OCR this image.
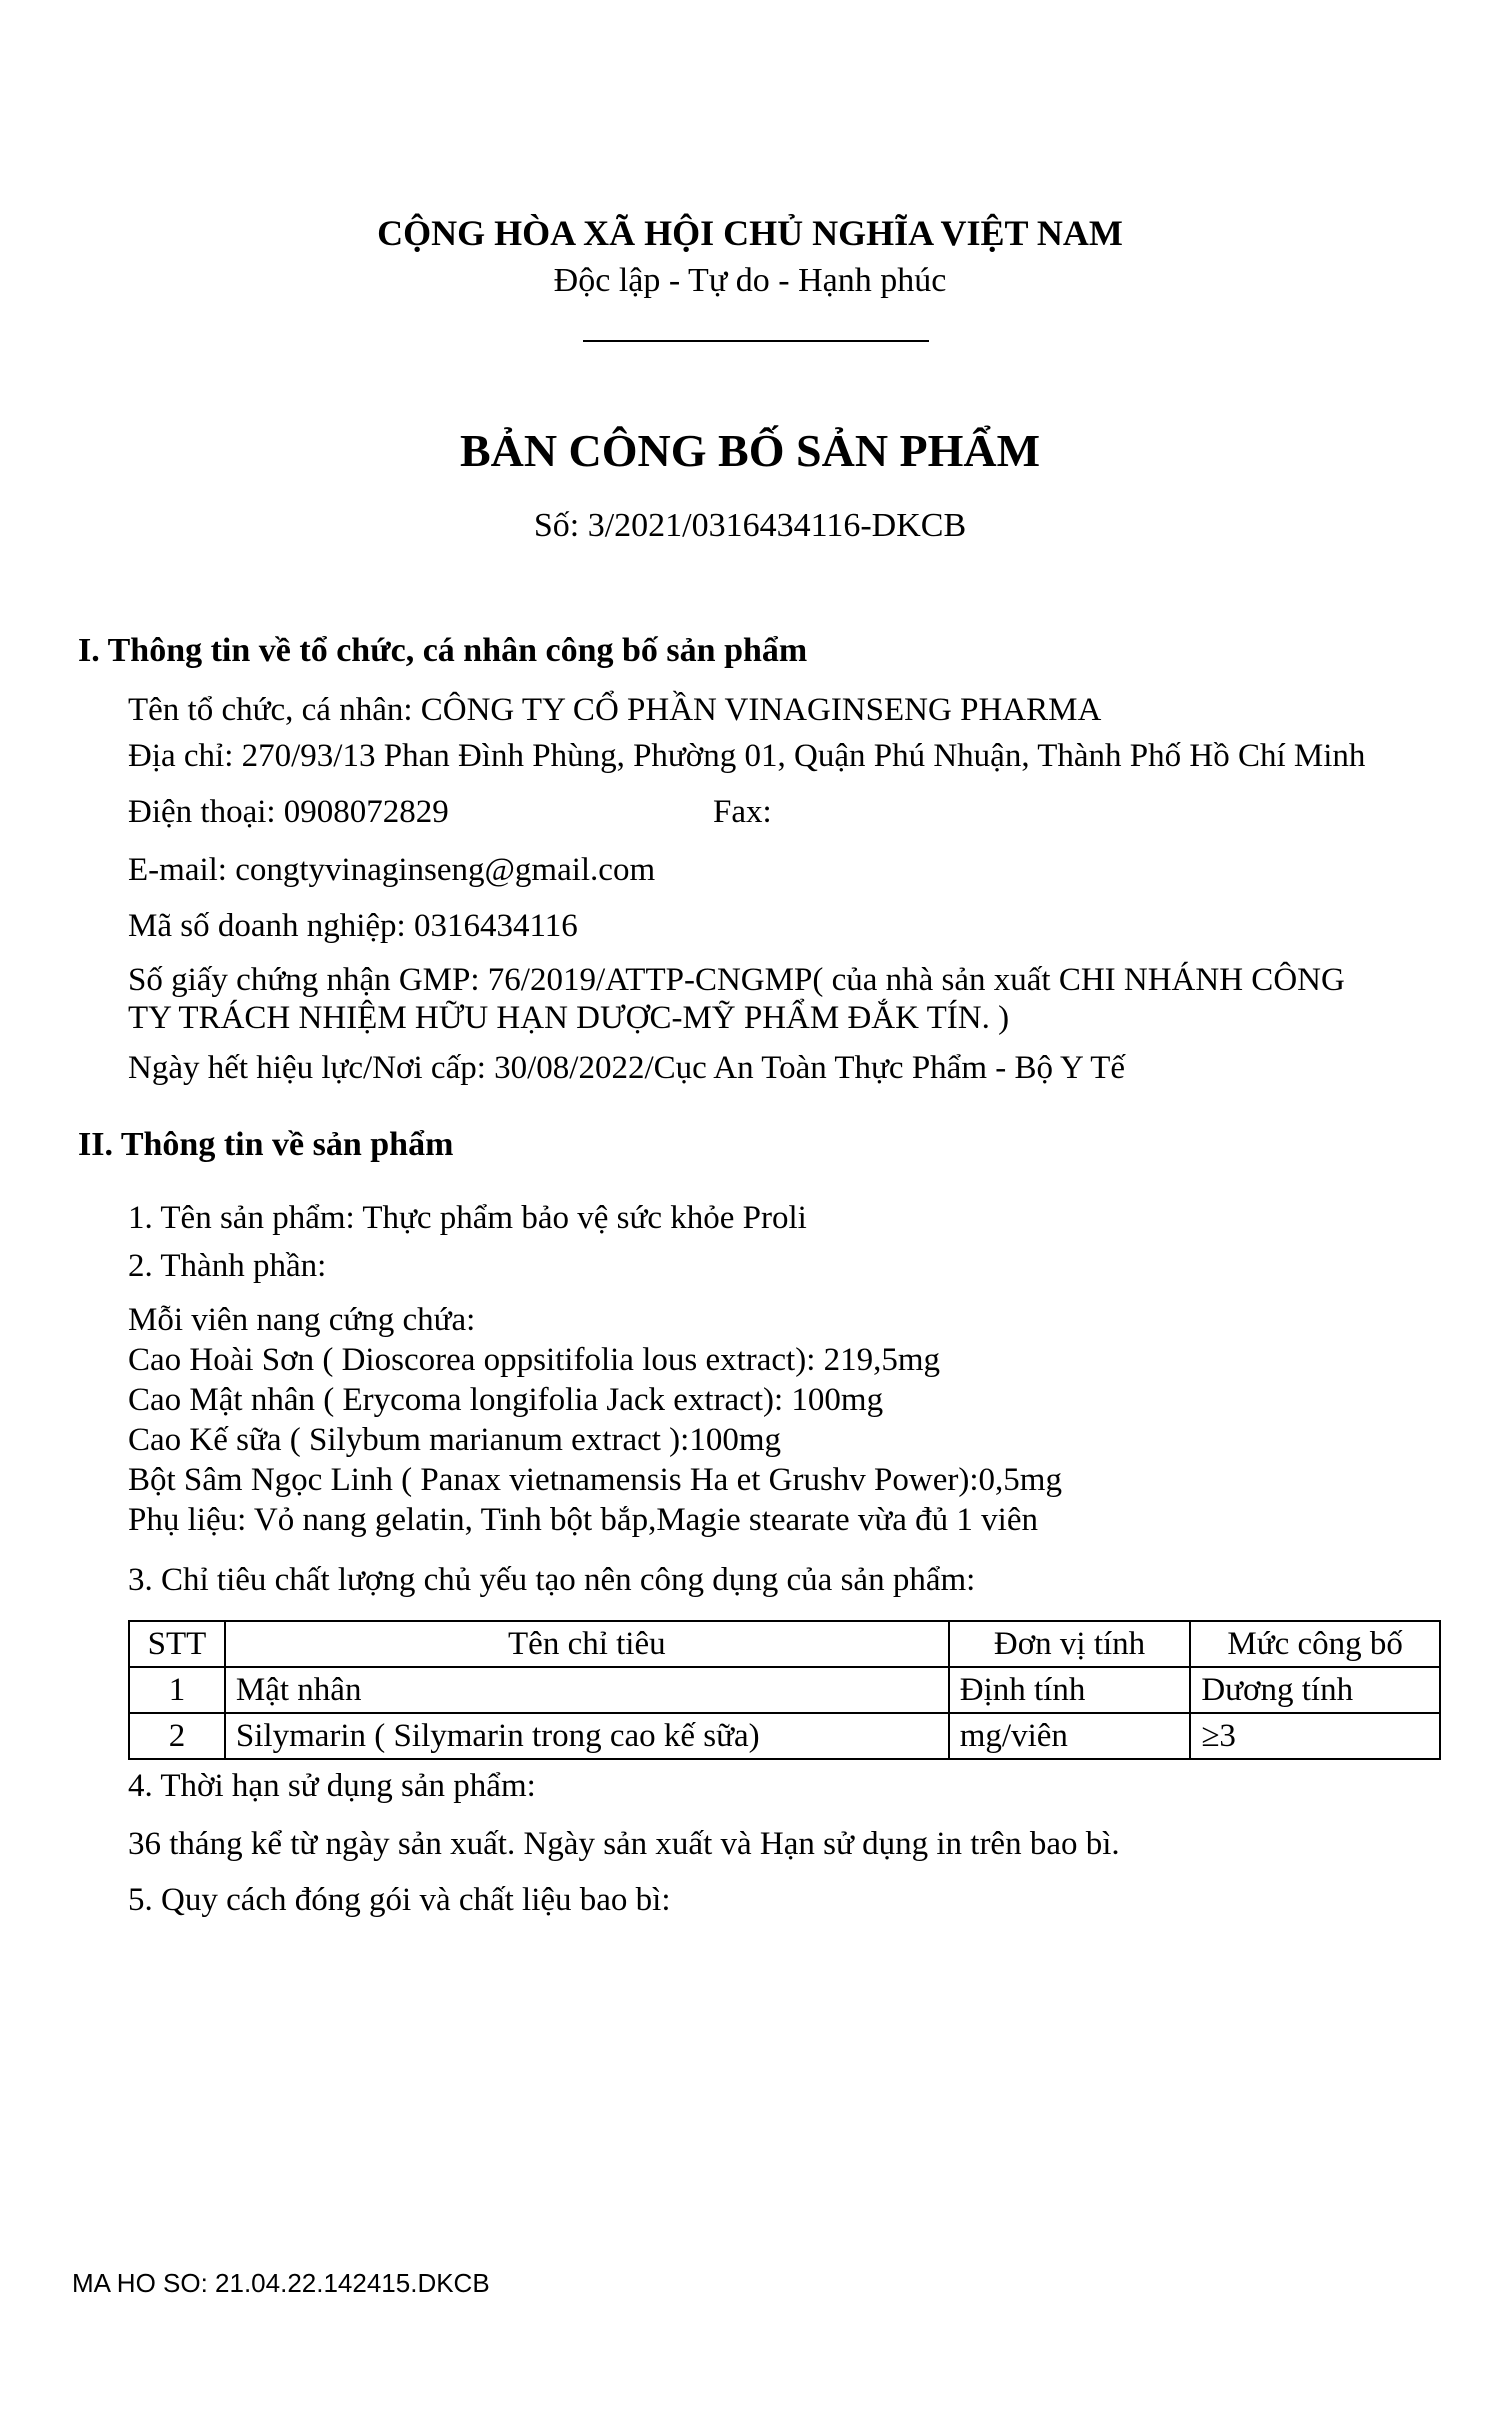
CỘNG HÒA XÃ HỘI CHỦ NGHĨA VIỆT NAM
Độc lập - Tự do - Hạnh phúc
BẢN CÔNG BỐ SẢN PHẨM
Số: 3/2021/0316434116-DKCB
I. Thông tin về tổ chức, cá nhân công bố sản phẩm
Tên tổ chức, cá nhân: CÔNG TY CỔ PHẦN VINAGINSENG PHARMA
Địa chỉ: 270/93/13 Phan Đình Phùng, Phường 01, Quận Phú Nhuận, Thành Phố Hồ Chí Minh
Điện thoại: 0908072829	Fax:
E-mail: congtyvinaginseng@gmail.com
Mã số doanh nghiệp: 0316434116
Số giấy chứng nhận GMP: 76/2019/ATTP-CNGMP( của nhà sản xuất CHI NHÁNH CÔNG
TY TRÁCH NHIỆM HỮU HẠN DƯỢC-MỸ PHẨM ĐẮK TÍN. )
Ngày hết hiệu lực/Nơi cấp: 30/08/2022/Cục An Toàn Thực Phẩm - Bộ Y Tế
II. Thông tin về sản phẩm
1. Tên sản phẩm: Thực phẩm bảo vệ sức khỏe Proli
2. Thành phần:
Mỗi viên nang cứng chứa:
Cao Hoài Sơn ( Dioscorea oppsitifolia lous extract): 219,5mg
Cao Mật nhân ( Erycoma longifolia Jack extract): 100mg
Cao Kế sữa ( Silybum marianum extract ):100mg
Bột Sâm Ngọc Linh ( Panax vietnamensis Ha et Grushv Power):0,5mg
Phụ liệu: Vỏ nang gelatin, Tinh bột bắp,Magie stearate vừa đủ 1 viên
3. Chỉ tiêu chất lượng chủ yếu tạo nên công dụng của sản phẩm:
STT	Tên chỉ tiêu	Đơn vị tính	Mức công bố
1	Mật nhân	Định tính	Dương tính
2	Silymarin ( Silymarin trong cao kế sữa)	mg/viên	≥3
4. Thời hạn sử dụng sản phẩm:
36 tháng kể từ ngày sản xuất. Ngày sản xuất và Hạn sử dụng in trên bao bì.
5. Quy cách đóng gói và chất liệu bao bì:
MA HO SO: 21.04.22.142415.DKCB
